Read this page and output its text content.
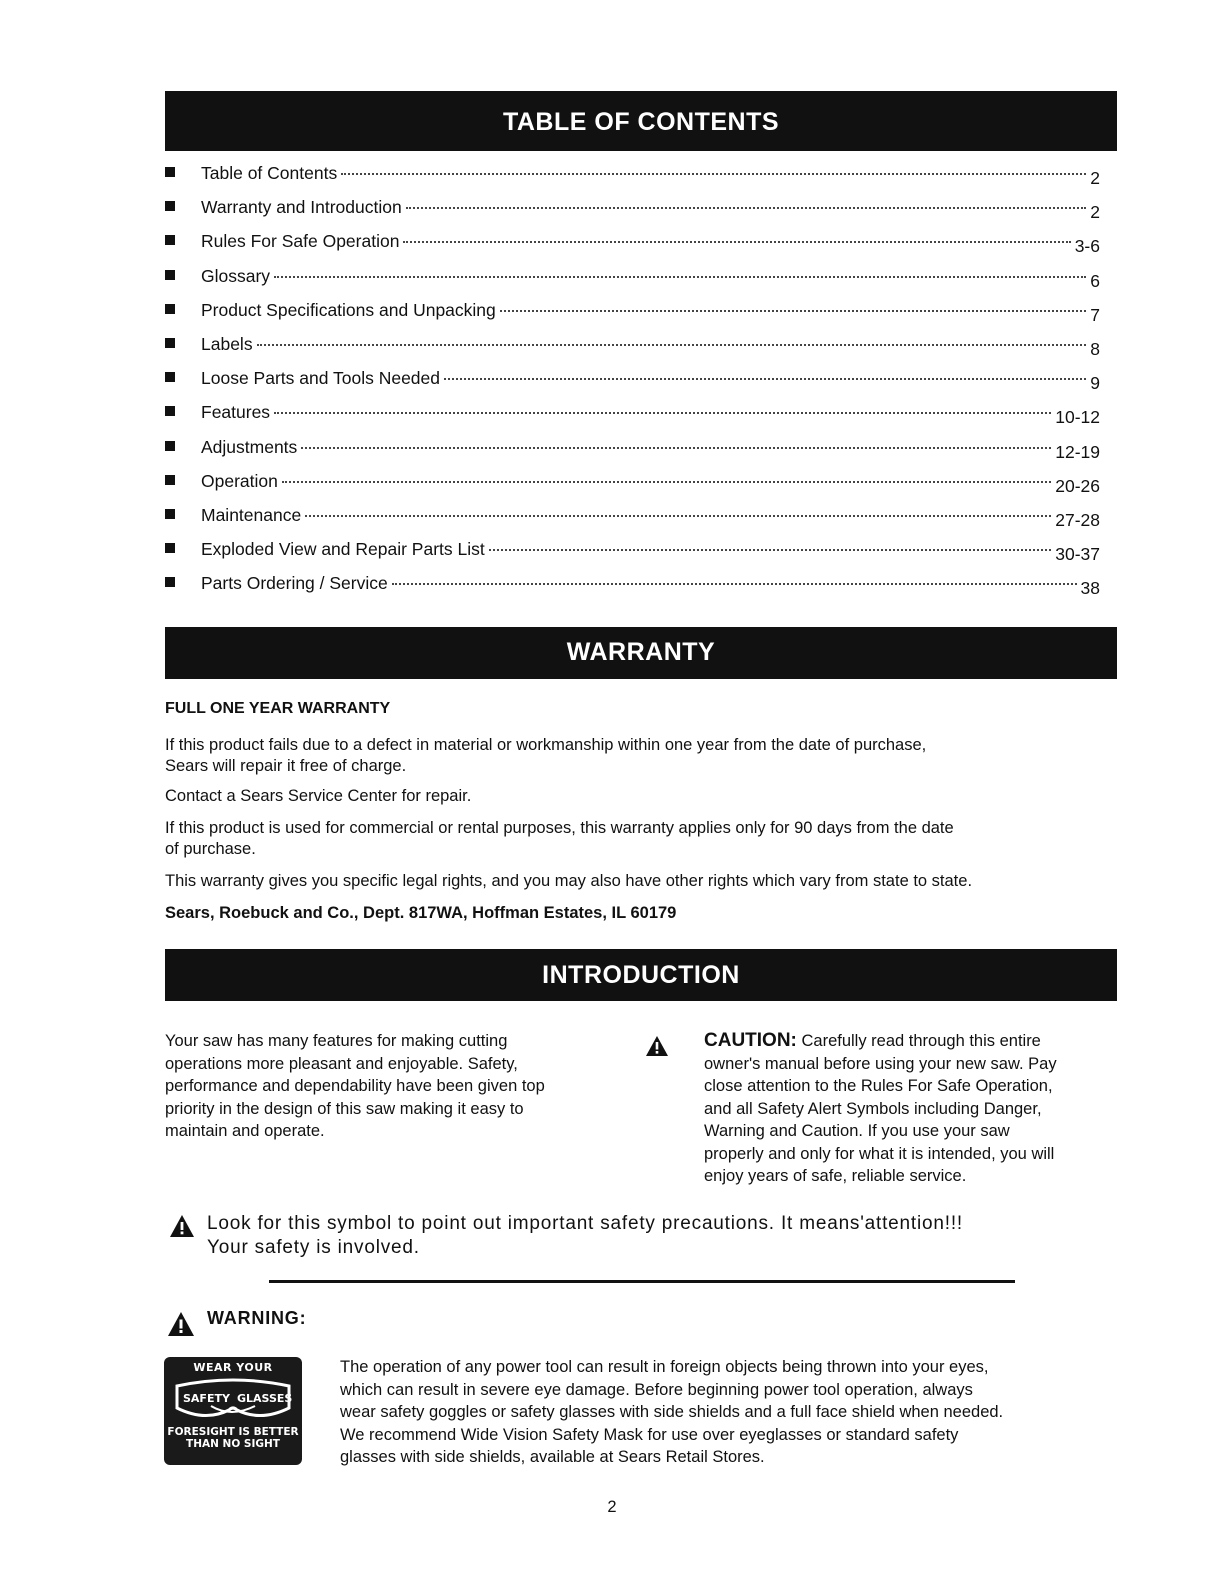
TABLE OF CONTENTS
Table of Contents	2
Warranty and Introduction	2
Rules For Safe Operation	3-6
Glossary	6
Product Specifications and Unpacking	7
Labels	8
Loose Parts and Tools Needed	9
Features	10-12
Adjustments	12-19
Operation	20-26
Maintenance	27-28
Exploded View and Repair Parts List	30-37
Parts Ordering / Service	38
WARRANTY
FULL ONE YEAR WARRANTY
If this product fails due to a defect in material or workmanship within one year from the date of purchase,
Sears will repair it free of charge.
Contact a Sears Service Center for repair.
If this product is used for commercial or rental purposes, this warranty applies only for 90 days from the date
of purchase.
This warranty gives you specific legal rights, and you may also have other rights which vary from state to state.
Sears, Roebuck and Co., Dept. 817WA, Hoffman Estates, IL 60179
INTRODUCTION
Your saw has many features for making cutting
operations more pleasant and enjoyable. Safety,
performance and dependability have been given top
priority in the design of this saw making it easy to
maintain and operate.
CAUTION: Carefully read through this entire
owner's manual before using your new saw. Pay
close attention to the Rules For Safe Operation,
and all Safety Alert Symbols including Danger,
Warning and Caution. If you use your saw
properly and only for what it is intended, you will
enjoy years of safe, reliable service.
Look for this symbol to point out important safety precautions. It means'attention!!!
Your safety is involved.
WARNING:
WEAR YOUR
SAFETY GLASSES
FORESIGHT IS BETTER
THAN NO SIGHT
The operation of any power tool can result in foreign objects being thrown into your eyes,
which can result in severe eye damage. Before beginning power tool operation, always
wear safety goggles or safety glasses with side shields and a full face shield when needed.
We recommend Wide Vision Safety Mask for use over eyeglasses or standard safety
glasses with side shields, available at Sears Retail Stores.
2
